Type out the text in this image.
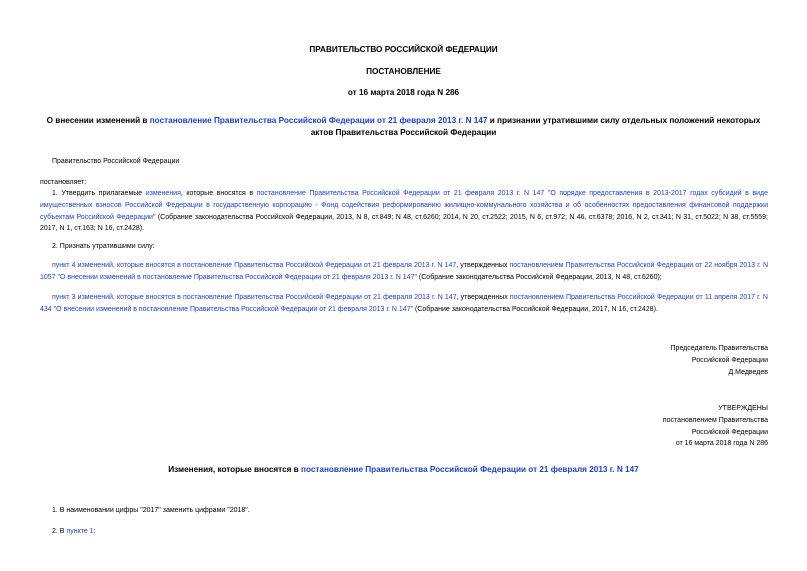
ПРАВИТЕЛЬСТВО РОССИЙСКОЙ ФЕДЕРАЦИИ
ПОСТАНОВЛЕНИЕ
от 16 марта 2018 года N 286
О внесении изменений в постановление Правительства Российской Федерации от 21 февраля 2013 г. N 147 и признании утратившими силу отдельных положений некоторых актов Правительства Российской Федерации
Правительство Российской Федерации
постановляет:
1. Утвердить прилагаемые изменения, которые вносятся в постановление Правительства Российской Федерации от 21 февраля 2013 г. N 147 "О порядке предоставления в 2013-2017 годах субсидий в виде имущественных взносов Российской Федерации в государственную корпорацию - Фонд содействия реформированию жилищно-коммунального хозяйства и об особенностях предоставления финансовой поддержки субъектам Российской Федерации" (Собрание законодательства Российской Федерации, 2013, N 8, ст.849; N 48, ст.6260; 2014, N 20, ст.2522; 2015, N 6, ст.972; N 46, ст.6378; 2016, N 2, ст.341; N 31, ст.5022; N 38, ст.5559; 2017, N 1, ст.163; N 16, ст.2428).
2. Признать утратившими силу:
пункт 4 изменений, которые вносятся в постановление Правительства Российской Федерации от 21 февраля 2013 г. N 147, утвержденных постановлением Правительства Российской Федерации от 22 ноября 2013 г. N 1057 "О внесении изменений в постановление Правительства Российской Федерации от 21 февраля 2013 г. N 147" (Собрание законодательства Российской Федерации, 2013, N 48, ст.6260);
пункт 3 изменений, которые вносятся в постановление Правительства Российской Федерации от 21 февраля 2013 г. N 147, утвержденных постановлением Правительства Российской Федерации от 11 апреля 2017 г. N 434 "О внесении изменений в постановление Правительства Российской Федерации от 21 февраля 2013 г. N 147" (Собрание законодательства Российской Федерации, 2017, N 16, ст.2428).
Председатель Правительства
Российской Федерации
Д.Медведев
УТВЕРЖДЕНЫ
постановлением Правительства
Российской Федерации
от 16 марта 2018 года N 286
Изменения, которые вносятся в постановление Правительства Российской Федерации от 21 февраля 2013 г. N 147
1. В наименовании цифры "2017" заменить цифрами "2018".
2. В пункте 1:
